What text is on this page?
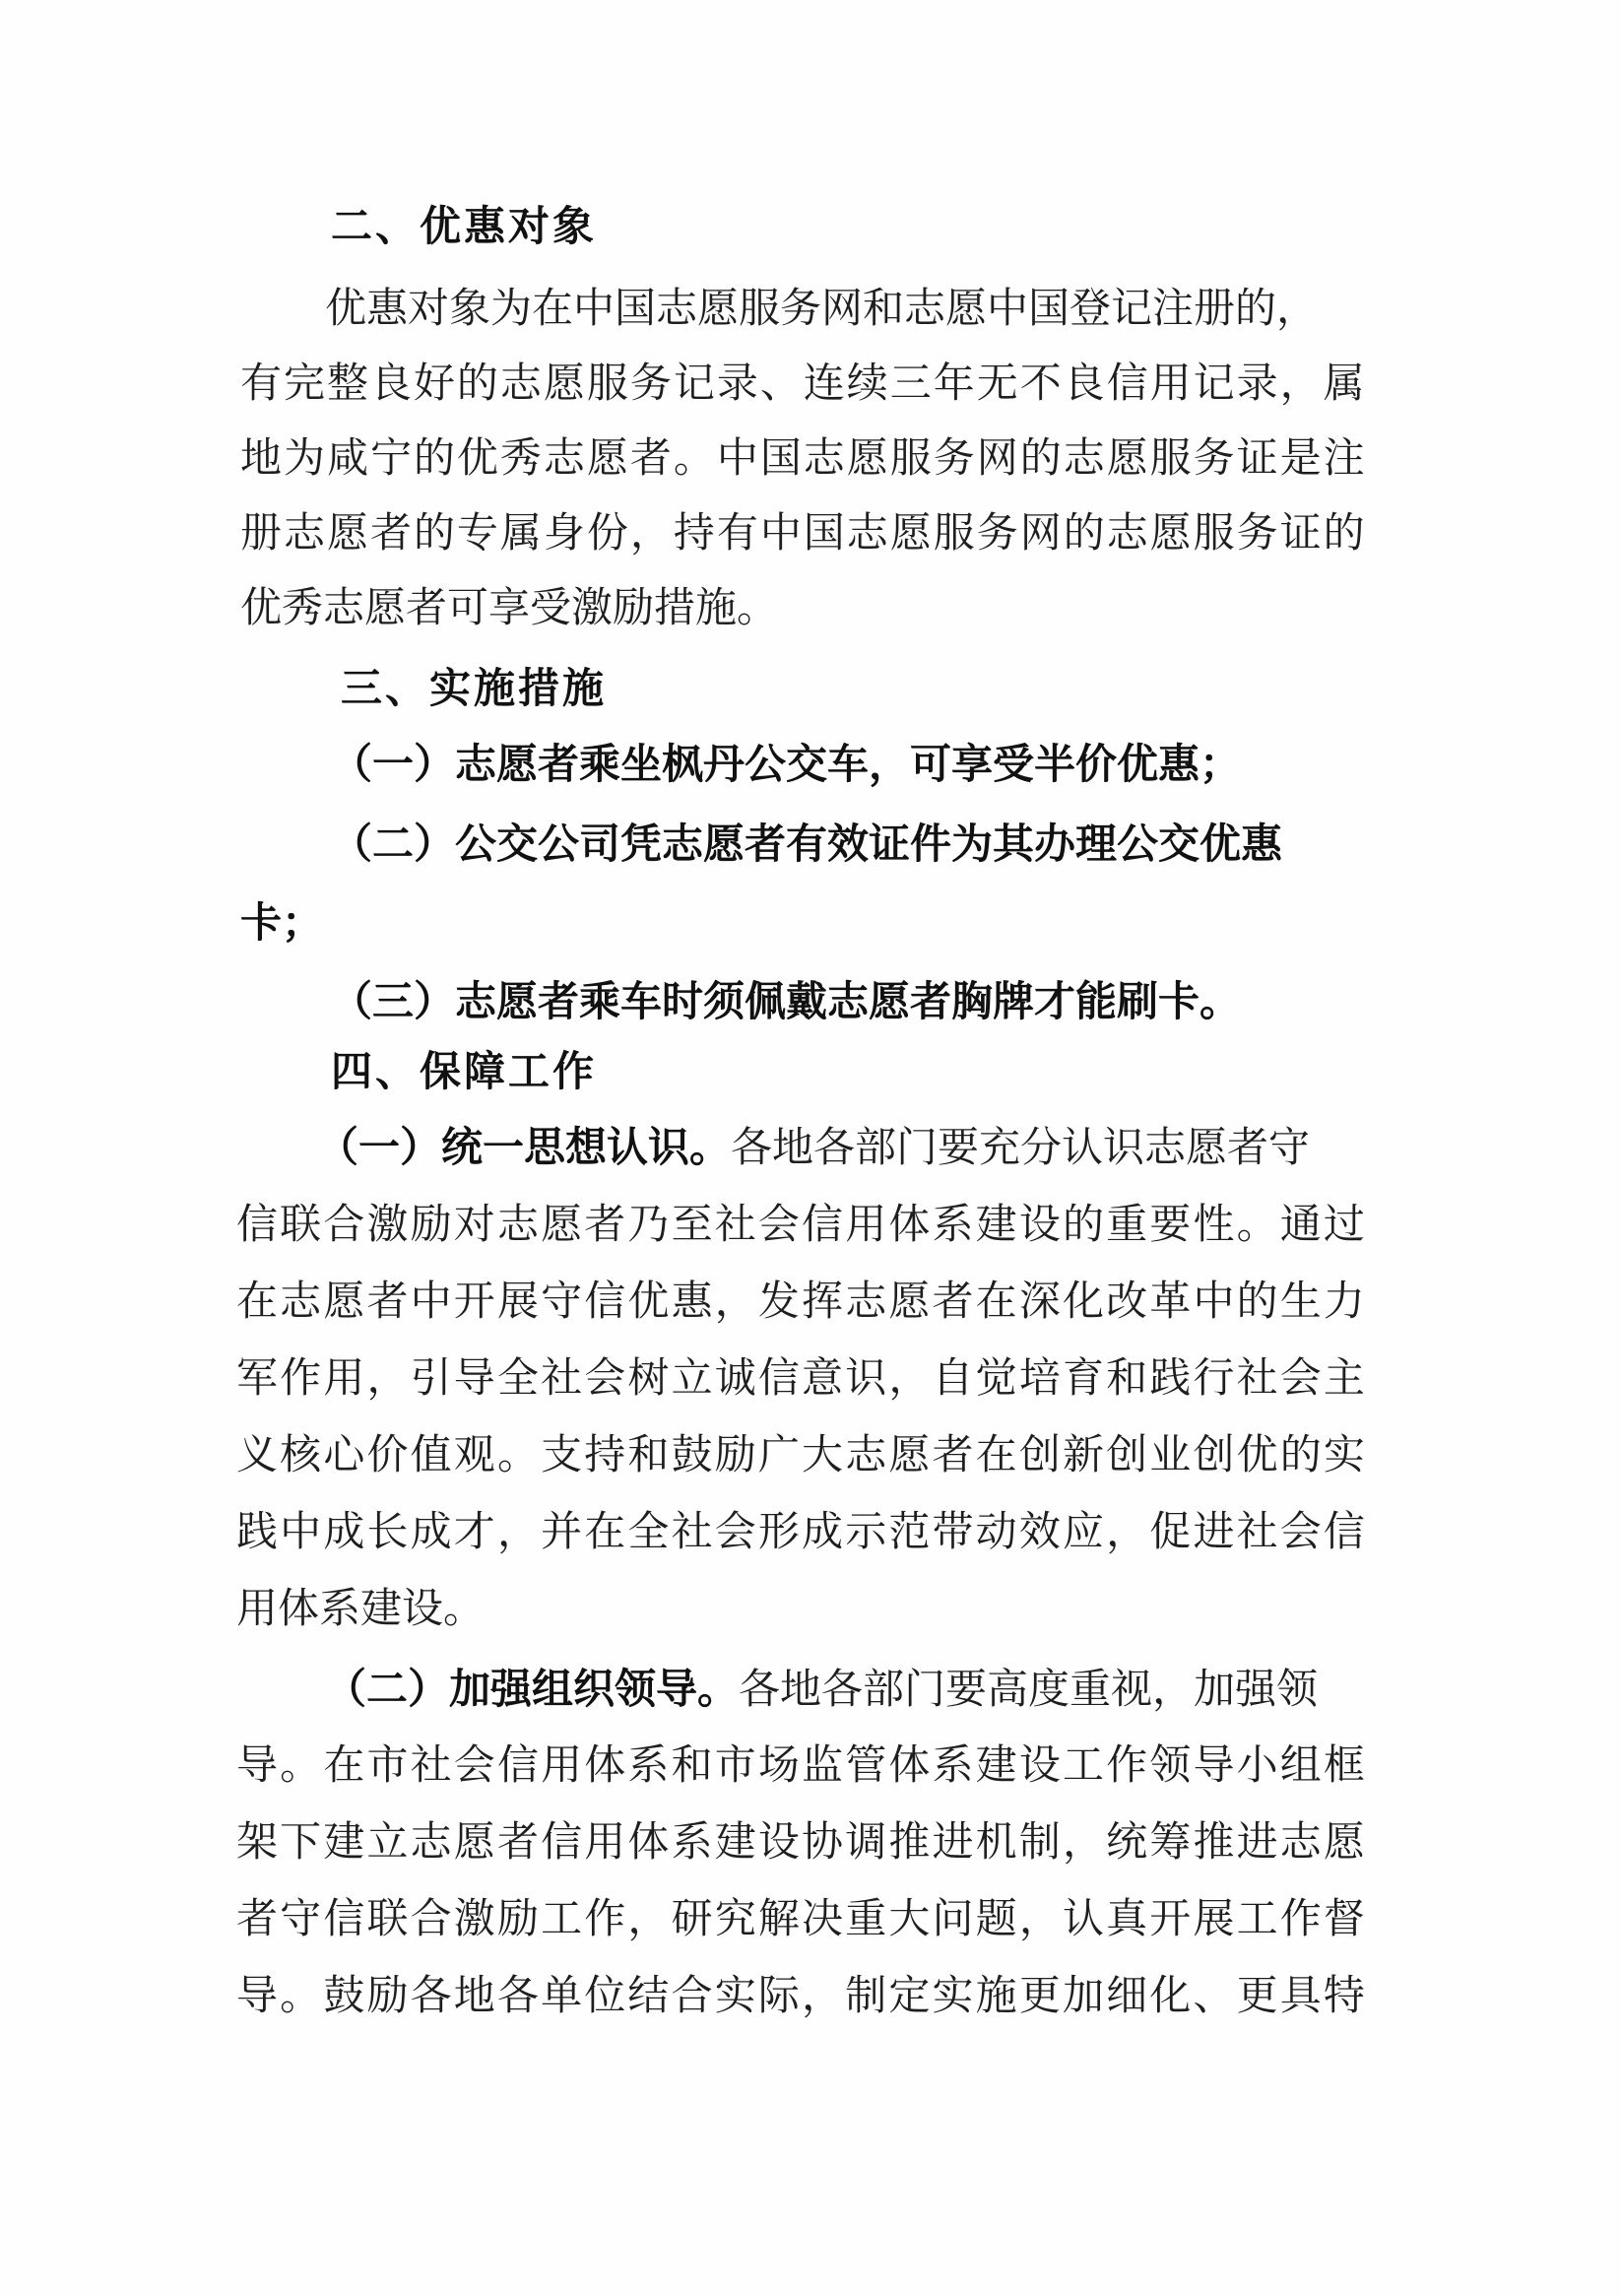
二、优惠对象
优惠对象为在中国志愿服务网和志愿中国登记注册的，
有 完 整 良 好 的 志 愿 服 务 记 录 、 连 续 三 年 无 不 良 信 用 记 录 ， 属
地 为 咸 宁 的 优 秀 志 愿 者 。 中 国 志 愿 服 务 网 的 志 愿 服 务 证 是 注
册 志 愿 者 的 专 属 身 份 ， 持 有 中 国 志 愿 服 务 网 的 志 愿 服 务 证 的
优秀志愿者可享受激励措施。
三、实施措施
（一）志愿者乘坐枫丹公交车，可享受半价优惠；
（二）公交公司凭志愿者有效证件为其办理公交优惠
卡；
（三）志愿者乘车时须佩戴志愿者胸牌才能刷卡。
四、保障工作
（一）统一思想认识。各地各部门要充分认识志愿者守
信 联 合 激 励 对 志 愿 者 乃 至 社 会 信 用 体 系 建 设 的 重 要 性 。 通 过
在 志 愿 者 中 开 展 守 信 优 惠 ， 发 挥 志 愿 者 在 深 化 改 革 中 的 生 力
军 作 用 ， 引 导 全 社 会 树 立 诚 信 意 识 ， 自 觉 培 育 和 践 行 社 会 主
义 核 心 价 值 观 。 支 持 和 鼓 励 广 大 志 愿 者 在 创 新 创 业 创 优 的 实
践 中 成 长 成 才 ， 并 在 全 社 会 形 成 示 范 带 动 效 应 ， 促 进 社 会 信
用体系建设。
（二）加强组织领导。各地各部门要高度重视，加强领
导 。 在 市 社 会 信 用 体 系 和 市 场 监 管 体 系 建 设 工 作 领 导 小 组 框
架 下 建 立 志 愿 者 信 用 体 系 建 设 协 调 推 进 机 制 ， 统 筹 推 进 志 愿
者 守 信 联 合 激 励 工 作 ， 研 究 解 决 重 大 问 题 ， 认 真 开 展 工 作 督
导 。 鼓 励 各 地 各 单 位 结 合 实 际 ， 制 定 实 施 更 加 细 化 、 更 具 特
